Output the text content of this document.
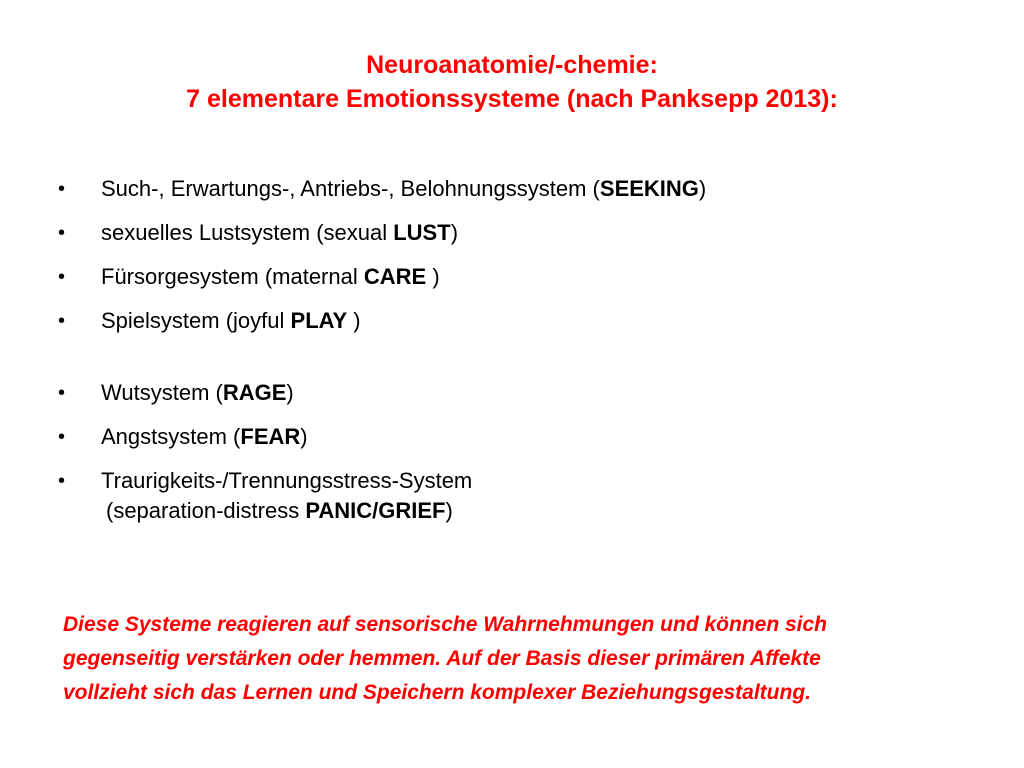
Neuroanatomie/-chemie:
7 elementare Emotionssysteme (nach Panksepp 2013):
•	Such-, Erwartungs-, Antriebs-, Belohnungssystem (SEEKING)
•	sexuelles Lustsystem (sexual LUST)
•	Fürsorgesystem (maternal CARE )
•	Spielsystem (joyful PLAY )
•	Wutsystem (RAGE)
•	Angstsystem (FEAR)
•	Traurigkeits-/Trennungsstress-System
(separation-distress PANIC/GRIEF)
Diese Systeme reagieren auf sensorische Wahrnehmungen und können sich
gegenseitig verstärken oder hemmen. Auf der Basis dieser primären Affekte
vollzieht sich das Lernen und Speichern komplexer Beziehungsgestaltung.
